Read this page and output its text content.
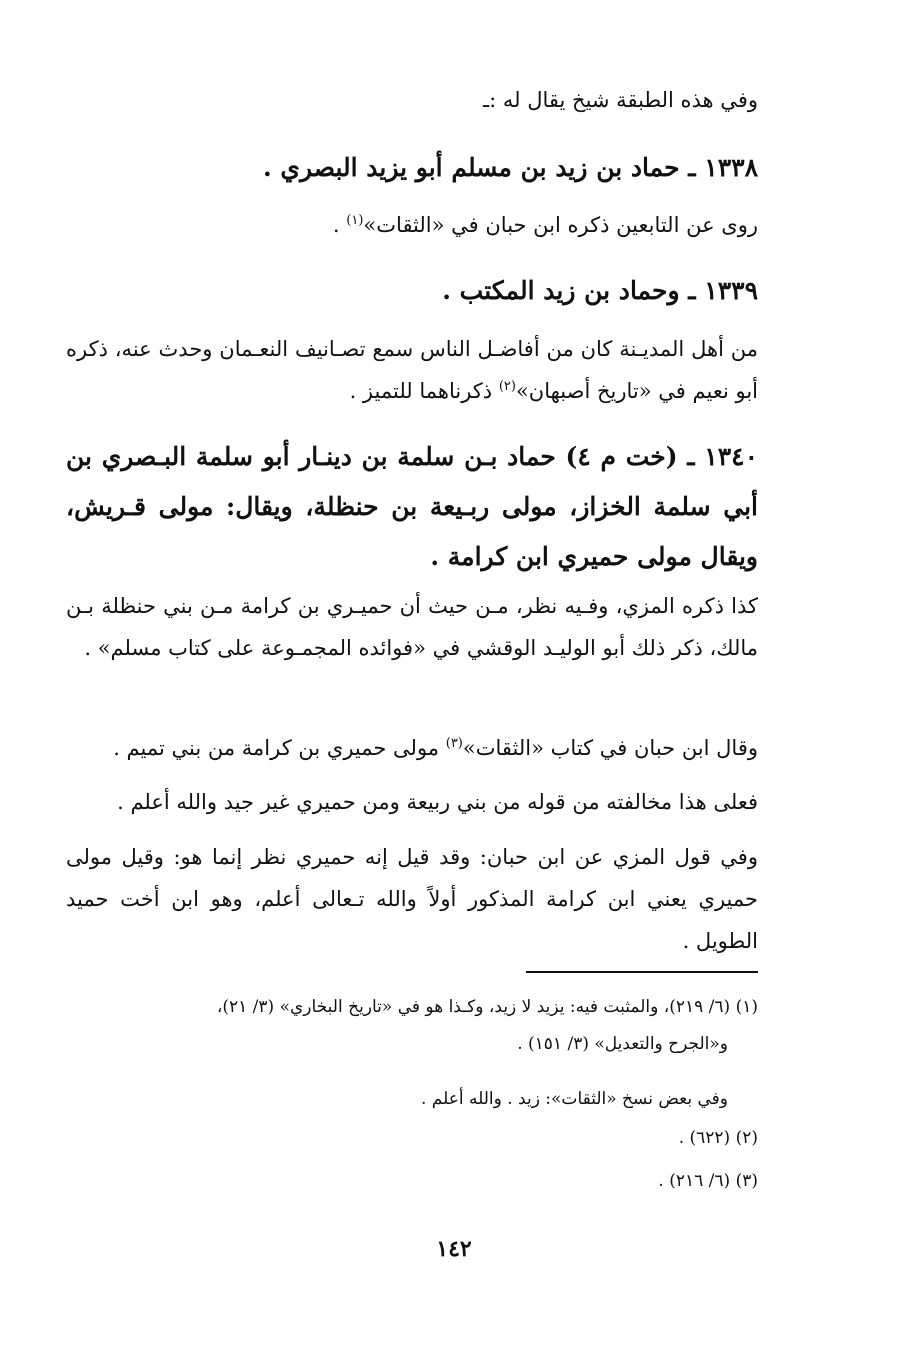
وفي هذه الطبقة شيخ يقال له :ـ
١٣٣٨ ـ حماد بن زيد بن مسلم أبو يزيد البصري .
روى عن التابعين ذكره ابن حبان في «الثقات»$^{(١)}$ .
١٣٣٩ ـ وحماد بن زيد المكتب .
من أهل المديـنة كان من أفاضـل الناس سمع تصـانيف النعـمان وحدث عنه، ذكره أبو نعيم في «تاريخ أصبهان»$^{(٢)}$ ذكرناهما للتميز .
١٣٤٠ ـ (خت م ٤) حماد بـن سلمة بن دينـار أبو سلمة البـصري بن أبي سلمة الخزاز، مولى ربـيعة بن حنظلة، ويقال: مولى قـريش، ويقال مولى حميري ابن كرامة .
كذا ذكره المزي، وفـيه نظر، مـن حيث أن حميـري بن كرامة مـن بني حنظلة بـن مالك، ذكر ذلك أبو الوليـد الوقشي في «فوائده المجمـوعة على كتاب مسلم» .
وقال ابن حبان في كتاب «الثقات»$^{(٣)}$ مولى حميري بن كرامة من بني تميم .
فعلى هذا مخالفته من قوله من بني ربيعة ومن حميري غير جيد والله أعلم .
وفي قول المزي عن ابن حبان: وقد قيل إنه حميري نظر إنما هو: وقيل مولى حميري يعني ابن كرامة المذكور أولاً والله تـعالى أعلم، وهو ابن أخت حميد الطويل .
(١) (٦/ ٢١٩)، والمثبت فيه: يزيد لا زيد، وكـذا هو في «تاريخ البخاري» (٣/ ٢١)،
و«الجرح والتعديل» (٣/ ١٥١) .
وفي بعض نسخ «الثقات»: زيد . والله أعلم .
(٢) (٦٢٢) .
(٣) (٦/ ٢١٦) .
١٤٢
